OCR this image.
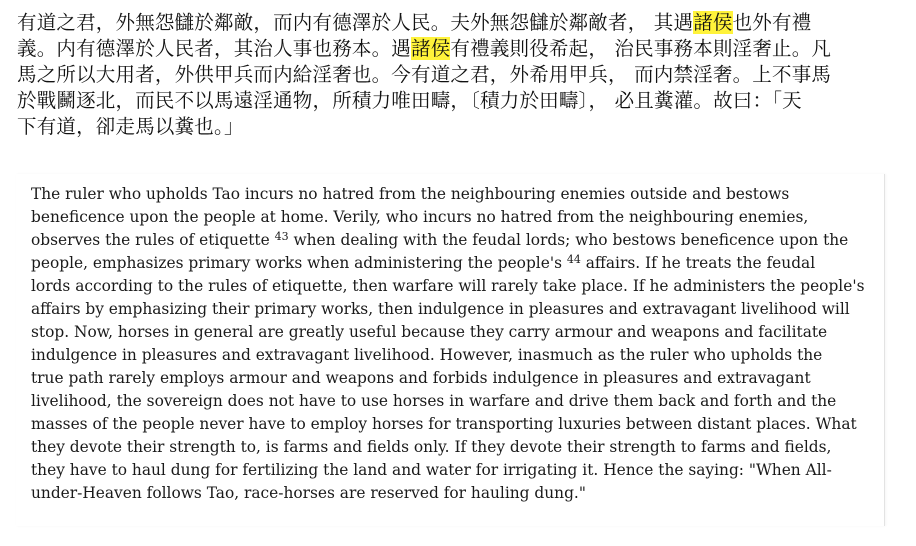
有道之君，外無怨讎於鄰敵，而内有德澤於人民。夫外無怨讎於鄰敵者， 其遇諸侯也外有禮
義。内有德澤於人民者，其治人事也務本。遇諸侯有禮義則役希起， 治民事務本則淫奢止。凡
馬之所以大用者，外供甲兵而内給淫奢也。今有道之君，外希用甲兵， 而内禁淫奢。上不事馬
於戰鬭逐北，而民不以馬遠淫通物，所積力唯田疇，〔積力於田疇〕， 必且糞灌。故曰：「天
下有道，卻走馬以糞也。」
The ruler who upholds Tao incurs no hatred from the neighbouring enemies outside and bestows
beneficence upon the people at home. Verily, who incurs no hatred from the neighbouring enemies,
observes the rules of etiquette $^{43}$ when dealing with the feudal lords; who bestows beneficence upon the
people, emphasizes primary works when administering the people's $^{44}$ affairs. If he treats the feudal
lords according to the rules of etiquette, then warfare will rarely take place. If he administers the people's
affairs by emphasizing their primary works, then indulgence in pleasures and extravagant livelihood will
stop. Now, horses in general are greatly useful because they carry armour and weapons and facilitate
indulgence in pleasures and extravagant livelihood. However, inasmuch as the ruler who upholds the
true path rarely employs armour and weapons and forbids indulgence in pleasures and extravagant
livelihood, the sovereign does not have to use horses in warfare and drive them back and forth and the
masses of the people never have to employ horses for transporting luxuries between distant places. What
they devote their strength to, is farms and fields only. If they devote their strength to farms and fields,
they have to haul dung for fertilizing the land and water for irrigating it. Hence the saying: "When All-
under-Heaven follows Tao, race-horses are reserved for hauling dung."
